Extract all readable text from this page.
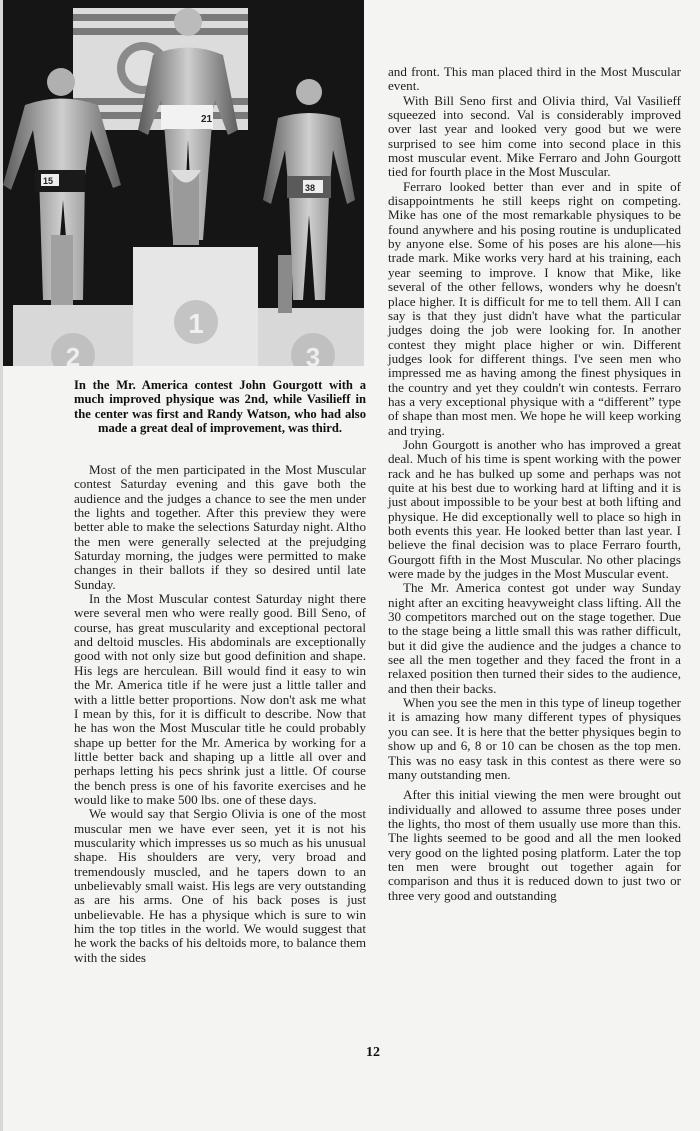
1
2	3
21
15
38
In the Mr. America contest John Gourgott with a much improved physique was 2nd, while Vasilieff in the center was first and Randy Watson, who had also made a great deal of improvement, was third.

Most of the men participated in the Most Muscular contest Saturday evening and this gave both the audience and the judges a chance to see the men under the lights and together. After this preview they were better able to make the selections Saturday night. Altho the men were generally selected at the prejudging Saturday morning, the judges were permitted to make changes in their ballots if they so desired until late Sunday.

In the Most Muscular contest Saturday night there were several men who were really good. Bill Seno, of course, has great muscularity and exceptional pectoral and deltoid muscles. His abdominals are exceptionally good with not only size but good definition and shape. His legs are herculean. Bill would find it easy to win the Mr. America title if he were just a little taller and with a little better proportions. Now don't ask me what I mean by this, for it is difficult to describe. Now that he has won the Most Muscular title he could probably shape up better for the Mr. America by working for a little better back and shaping up a little all over and perhaps letting his pecs shrink just a little. Of course the bench press is one of his favorite exercises and he would like to make 500 lbs. one of these days.

We would say that Sergio Olivia is one of the most muscular men we have ever seen, yet it is not his muscularity which impresses us so much as his unusual shape. His shoulders are very, very broad and tremendously muscled, and he tapers down to an unbelievably small waist. His legs are very outstanding as are his arms. One of his back poses is just unbelievable. He has a physique which is sure to win him the top titles in the world. We would suggest that he work the backs of his deltoids more, to balance them with the sides

and front. This man placed third in the Most Muscular event.

With Bill Seno first and Olivia third, Val Vasilieff squeezed into second. Val is considerably improved over last year and looked very good but we were surprised to see him come into second place in this most muscular event. Mike Ferraro and John Gourgott tied for fourth place in the Most Muscular.

Ferraro looked better than ever and in spite of disappointments he still keeps right on competing. Mike has one of the most remarkable physiques to be found anywhere and his posing routine is unduplicated by anyone else. Some of his poses are his alone—his trade mark. Mike works very hard at his training, each year seeming to improve. I know that Mike, like several of the other fellows, wonders why he doesn't place higher. It is difficult for me to tell them. All I can say is that they just didn't have what the particular judges doing the job were looking for. In another contest they might place higher or win. Different judges look for different things. I've seen men who impressed me as having among the finest physiques in the country and yet they couldn't win contests. Ferraro has a very exceptional physique with a “different” type of shape than most men. We hope he will keep working and trying.

John Gourgott is another who has improved a great deal. Much of his time is spent working with the power rack and he has bulked up some and perhaps was not quite at his best due to working hard at lifting and it is just about impossible to be your best at both lifting and physique. He did exceptionally well to place so high in both events this year. He looked better than last year. I believe the final decision was to place Ferraro fourth, Gourgott fifth in the Most Muscular. No other placings were made by the judges in the Most Muscular event.

The Mr. America contest got under way Sunday night after an exciting heavyweight class lifting. All the 30 competitors marched out on the stage together. Due to the stage being a little small this was rather difficult, but it did give the audience and the judges a chance to see all the men together and they faced the front in a relaxed position then turned their sides to the audience, and then their backs.

When you see the men in this type of lineup together it is amazing how many different types of physiques you can see. It is here that the better physiques begin to show up and 6, 8 or 10 can be chosen as the top men. This was no easy task in this contest as there were so many outstanding men.

After this initial viewing the men were brought out individually and allowed to assume three poses under the lights, tho most of them usually use more than this. The lights seemed to be good and all the men looked very good on the lighted posing platform. Later the top ten men were brought out together again for comparison and thus it is reduced down to just two or three very good and outstanding

12
